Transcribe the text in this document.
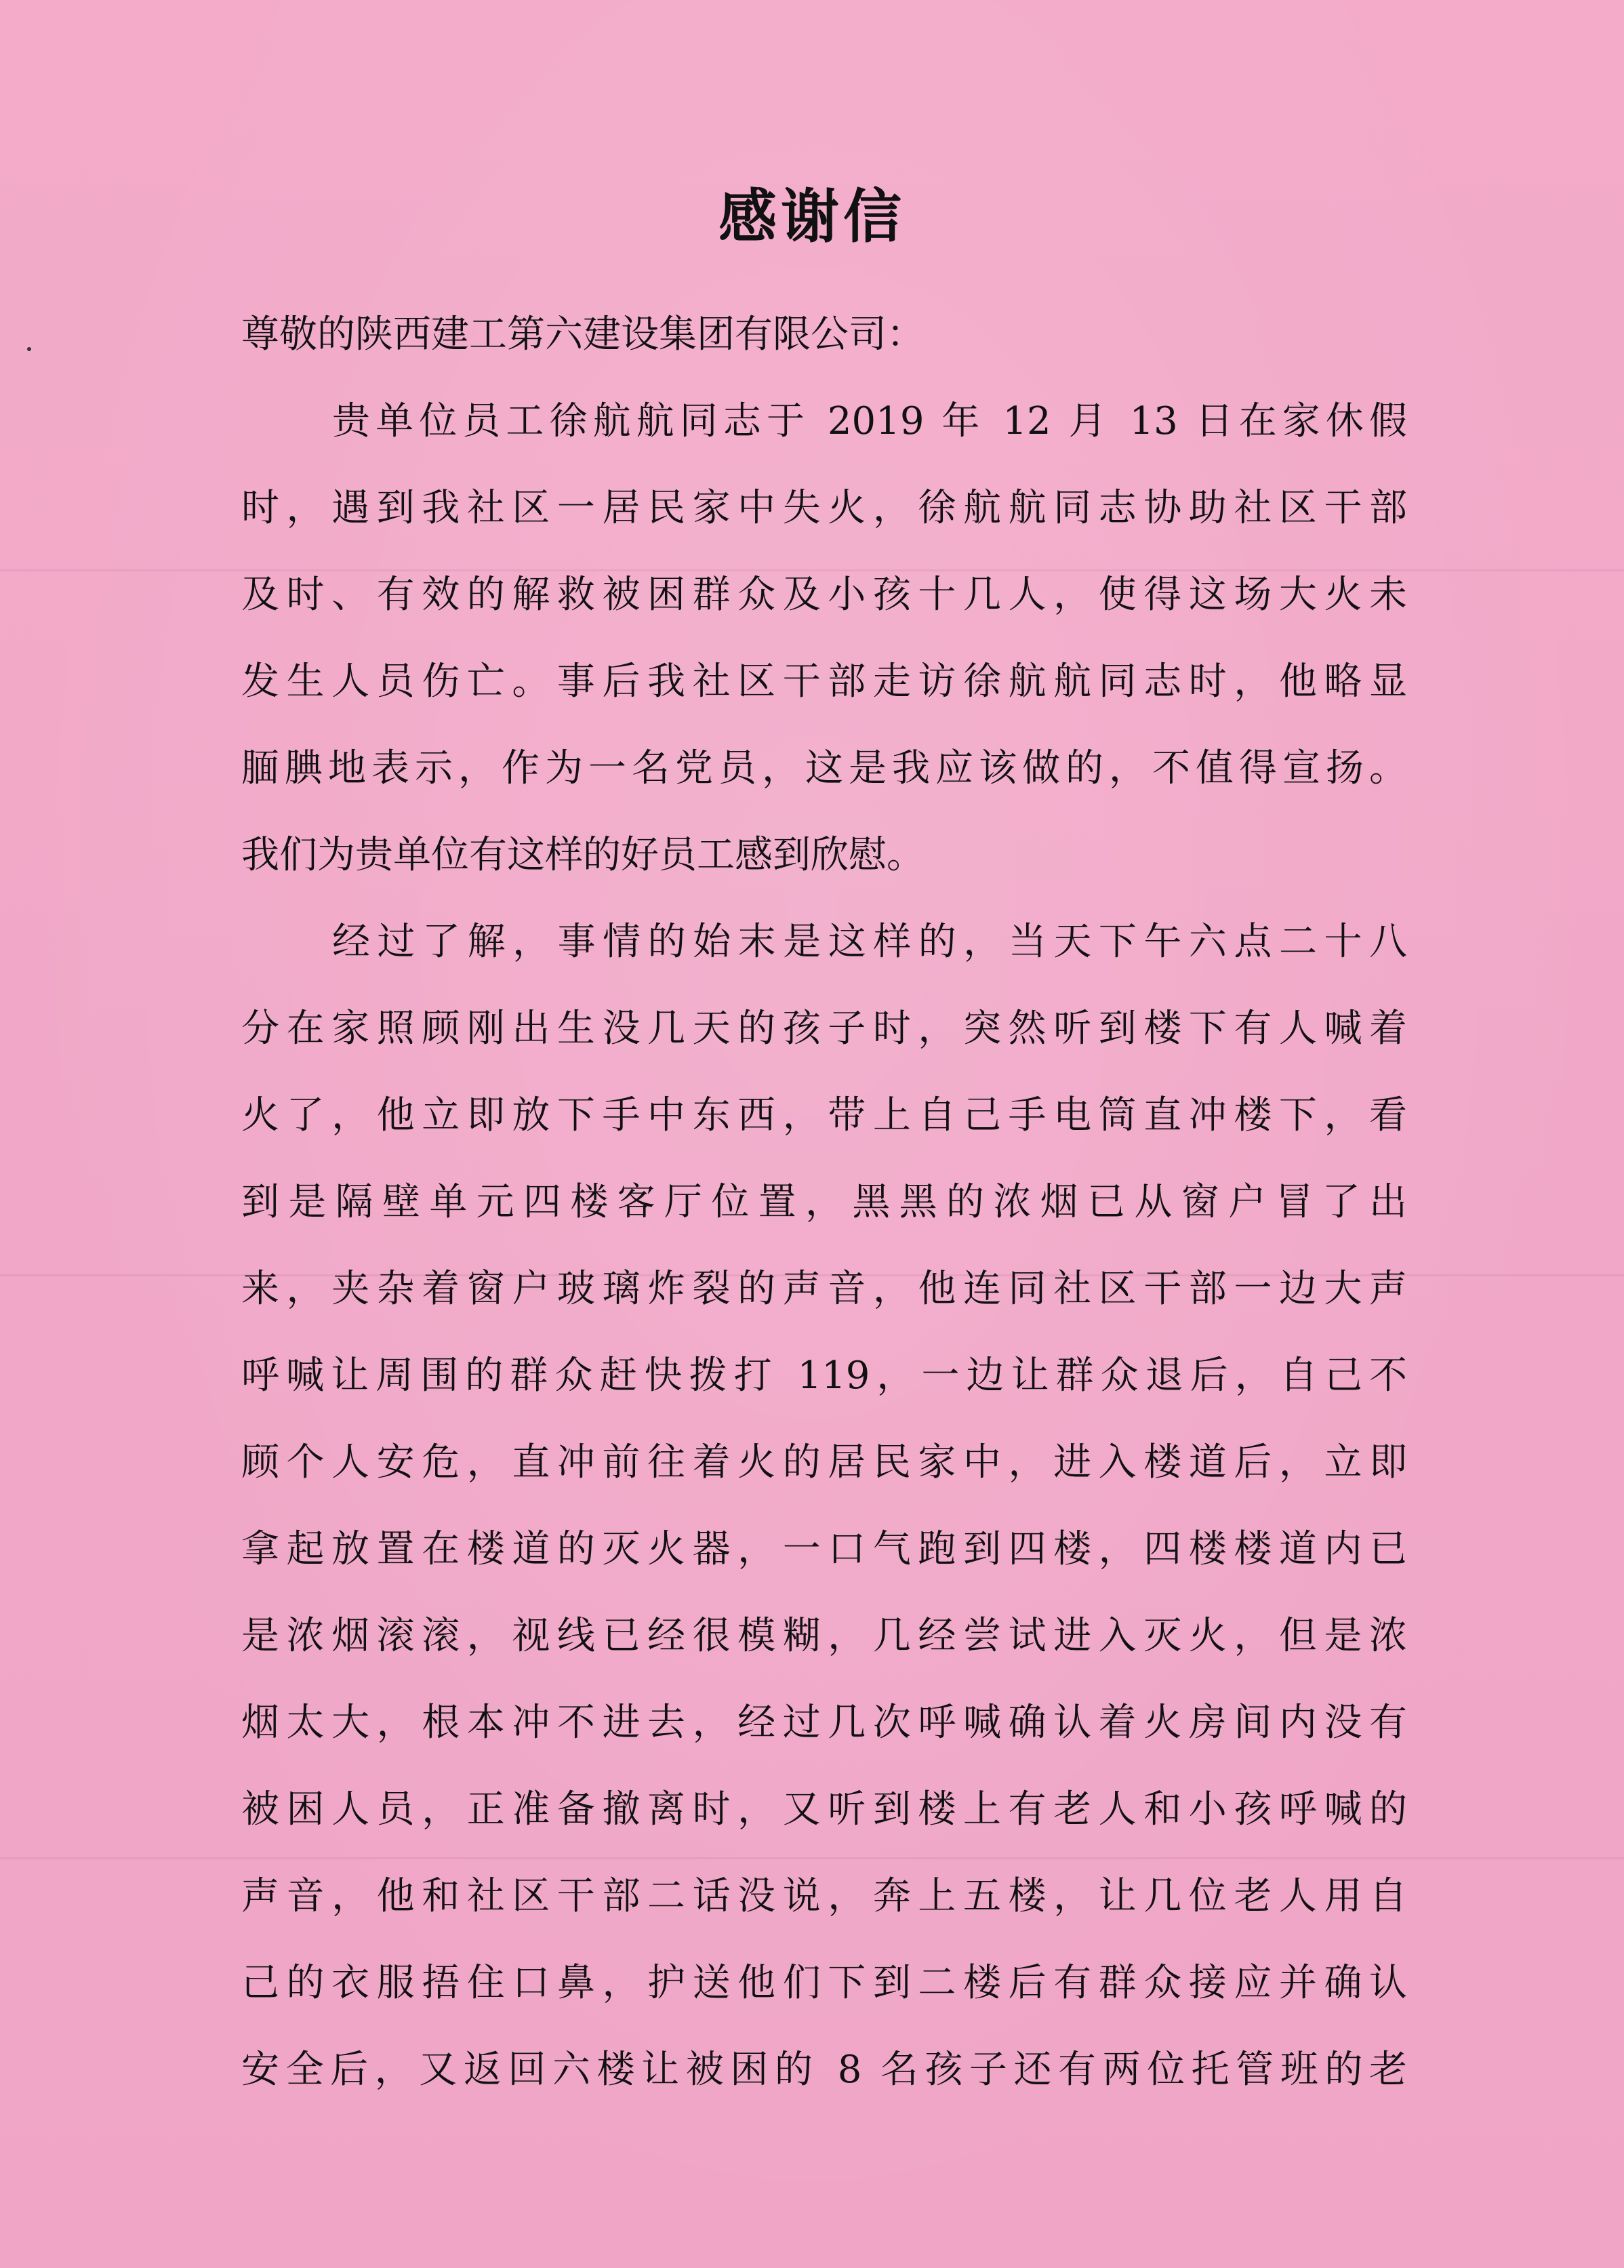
感谢信
尊敬的陕西建工第六建设集团有限公司：
贵单位员工徐航航同志于 2019 年 12 月 13 日在家休假
时，遇到我社区一居民家中失火，徐航航同志协助社区干部
及时、有效的解救被困群众及小孩十几人，使得这场大火未
发生人员伤亡。事后我社区干部走访徐航航同志时，他略显
腼腆地表示，作为一名党员，这是我应该做的，不值得宣扬。
我们为贵单位有这样的好员工感到欣慰。
经过了解，事情的始末是这样的，当天下午六点二十八
分在家照顾刚出生没几天的孩子时，突然听到楼下有人喊着
火了，他立即放下手中东西，带上自己手电筒直冲楼下，看
到是隔壁单元四楼客厅位置，黑黑的浓烟已从窗户冒了出
来，夹杂着窗户玻璃炸裂的声音，他连同社区干部一边大声
呼喊让周围的群众赶快拨打 119，一边让群众退后，自己不
顾个人安危，直冲前往着火的居民家中，进入楼道后，立即
拿起放置在楼道的灭火器，一口气跑到四楼，四楼楼道内已
是浓烟滚滚，视线已经很模糊，几经尝试进入灭火，但是浓
烟太大，根本冲不进去，经过几次呼喊确认着火房间内没有
被困人员，正准备撤离时，又听到楼上有老人和小孩呼喊的
声音，他和社区干部二话没说，奔上五楼，让几位老人用自
己的衣服捂住口鼻，护送他们下到二楼后有群众接应并确认
安全后，又返回六楼让被困的 8 名孩子还有两位托管班的老
